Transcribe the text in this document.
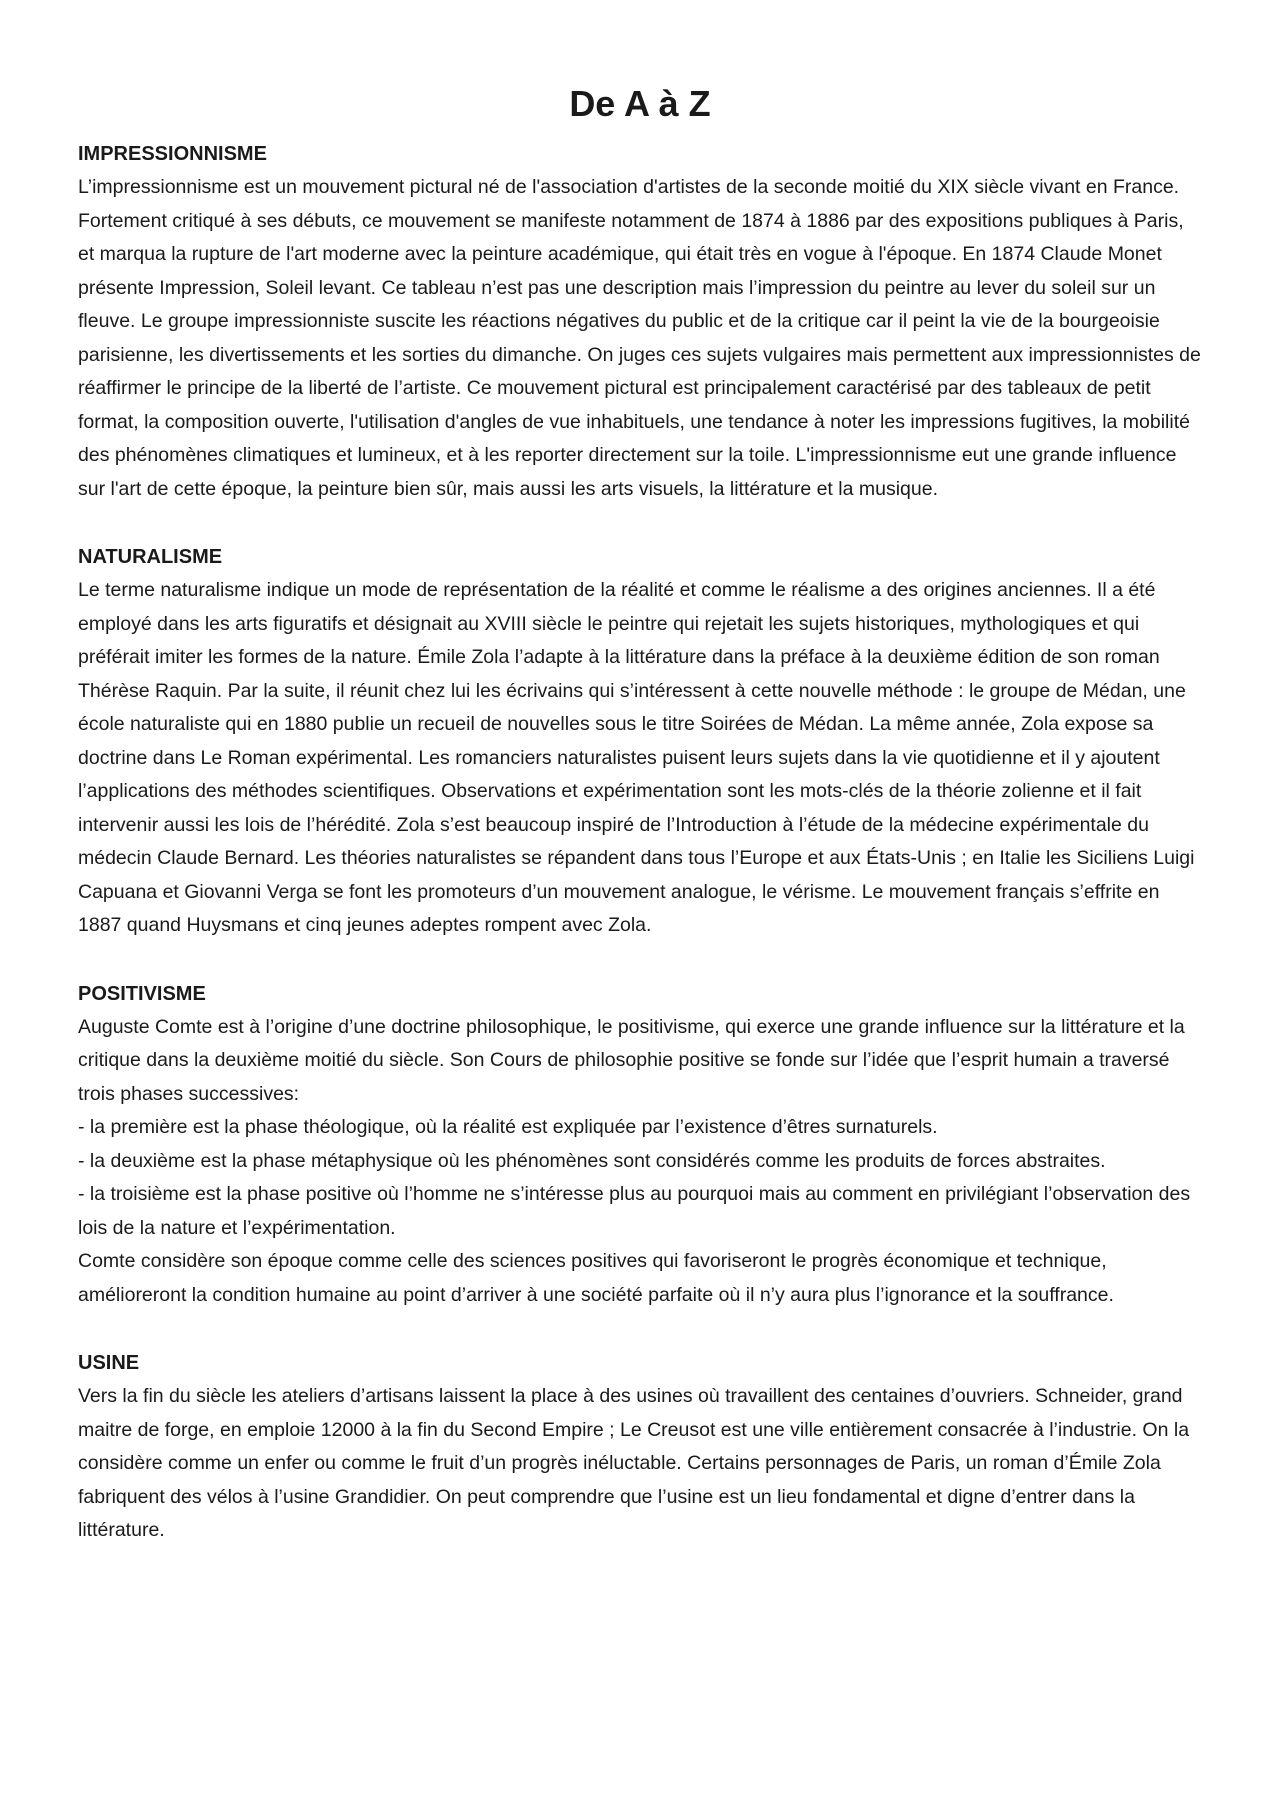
De A à Z
IMPRESSIONNISME

L’impressionnisme est un mouvement pictural né de l'association d'artistes de la seconde moitié du XIX siècle vivant en France. Fortement critiqué à ses débuts, ce mouvement se manifeste notamment de 1874 à 1886 par des expositions publiques à Paris, et marqua la rupture de l'art moderne avec la peinture académique, qui était très en vogue à l'époque. En 1874 Claude Monet présente Impression, Soleil levant. Ce tableau n’est pas une description mais l’impression du peintre au lever du soleil sur un fleuve. Le groupe impressionniste suscite les réactions négatives du public et de la critique car il peint la vie de la bourgeoisie parisienne, les divertissements et les sorties du dimanche. On juges ces sujets vulgaires mais permettent aux impressionnistes de réaffirmer le principe de la liberté de l’artiste. Ce mouvement pictural est principalement caractérisé par des tableaux de petit format, la composition ouverte, l'utilisation d'angles de vue inhabituels, une tendance à noter les impressions fugitives, la mobilité des phénomènes climatiques et lumineux, et à les reporter directement sur la toile. L'impressionnisme eut une grande influence sur l'art de cette époque, la peinture bien sûr, mais aussi les arts visuels, la littérature et la musique.

NATURALISME

Le terme naturalisme indique un mode de représentation de la réalité et comme le réalisme a des origines anciennes. Il a été employé dans les arts figuratifs et désignait au XVIII siècle le peintre qui rejetait les sujets historiques, mythologiques et qui préférait imiter les formes de la nature. Émile Zola l’adapte à la littérature dans la préface à la deuxième édition de son roman Thérèse Raquin. Par la suite, il réunit chez lui les écrivains qui s’intéressent à cette nouvelle méthode : le groupe de Médan, une école naturaliste qui en 1880 publie un recueil de nouvelles sous le titre Soirées de Médan. La même année, Zola expose sa doctrine dans Le Roman expérimental. Les romanciers naturalistes puisent leurs sujets dans la vie quotidienne et il y ajoutent l’applications des méthodes scientifiques. Observations et expérimentation sont les mots-clés de la théorie zolienne et il fait intervenir aussi les lois de l’hérédité. Zola s’est beaucoup inspiré de l’Introduction à l’étude de la médecine expérimentale du médecin Claude Bernard. Les théories naturalistes se répandent dans tous l’Europe et aux États-Unis ; en Italie les Siciliens Luigi Capuana et Giovanni Verga se font les promoteurs d’un mouvement analogue, le vérisme. Le mouvement français s’effrite en 1887 quand Huysmans et cinq jeunes adeptes rompent avec Zola.

POSITIVISME

Auguste Comte est à l’origine d’une doctrine philosophique, le positivisme, qui exerce une grande influence sur la littérature et la critique dans la deuxième moitié du siècle. Son Cours de philosophie positive se fonde sur l’idée que l’esprit humain a traversé trois phases successives:

- la première est la phase théologique, où la réalité est expliquée par l’existence d’êtres surnaturels.

- la deuxième est la phase métaphysique où les phénomènes sont considérés comme les produits de forces abstraites.

- la troisième est la phase positive où l’homme ne s’intéresse plus au pourquoi mais au comment en privilégiant l’observation des lois de la nature et l’expérimentation.

Comte considère son époque comme celle des sciences positives qui favoriseront le progrès économique et technique, amélioreront la condition humaine au point d’arriver à une société parfaite où il n’y aura plus l’ignorance et la souffrance.

USINE

Vers la fin du siècle les ateliers d’artisans laissent la place à des usines où travaillent des centaines d’ouvriers. Schneider, grand maitre de forge, en emploie 12000 à la fin du Second Empire ; Le Creusot est une ville entièrement consacrée à l’industrie. On la considère comme un enfer ou comme le fruit d’un progrès inéluctable. Certains personnages de Paris, un roman d’Émile Zola fabriquent des vélos à l’usine Grandidier. On peut comprendre que l’usine est un lieu fondamental et digne d’entrer dans la littérature.
